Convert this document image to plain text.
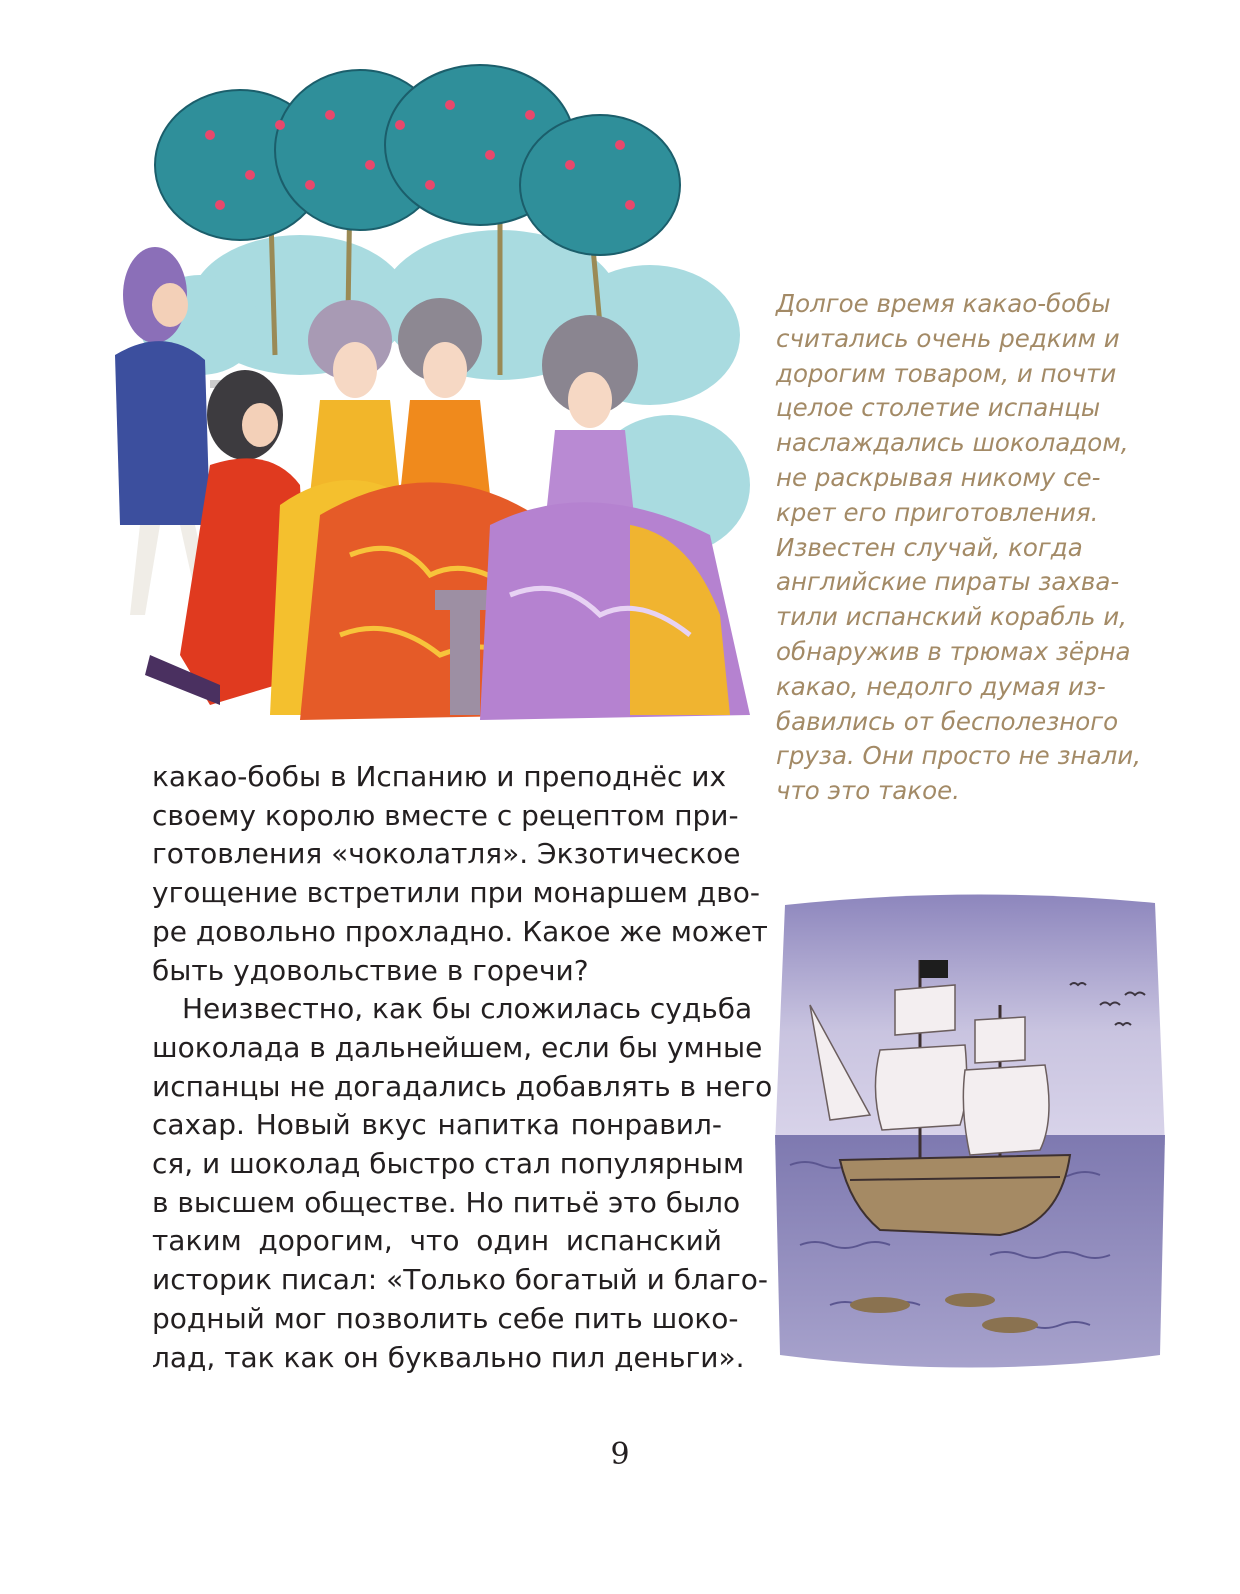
Долгое время какао-бобы
считались очень редким и
дорогим товаром, и почти
целое столетие испанцы
наслаждались шоколадом,
не раскрывая никому се-
крет его приготовления.
Известен случай, когда
английские пираты захва-
тили испанский корабль и,
обнаружив в трюмах зёрна
какао, недолго думая из-
бавились от бесполезного
груза. Они просто не знали,
что это такое.
какао-бобы в Испанию и преподнёс их
своему королю вместе с рецептом при-
готовления «чоколатля». Экзотическое
угощение встретили при монаршем дво-
ре довольно прохладно. Какое же может
быть удовольствие в горечи?
Неизвестно, как бы сложилась судьба
шоколада в дальнейшем, если бы умные
испанцы не догадались добавлять в него
сахар. Новый вкус напитка понравил-
ся, и шоколад быстро стал популярным
в высшем обществе. Но питьё это было
таким дорогим, что один испанский
историк писал: «Только богатый и благо-
родный мог позволить себе пить шоко-
лад, так как он буквально пил деньги».
9
